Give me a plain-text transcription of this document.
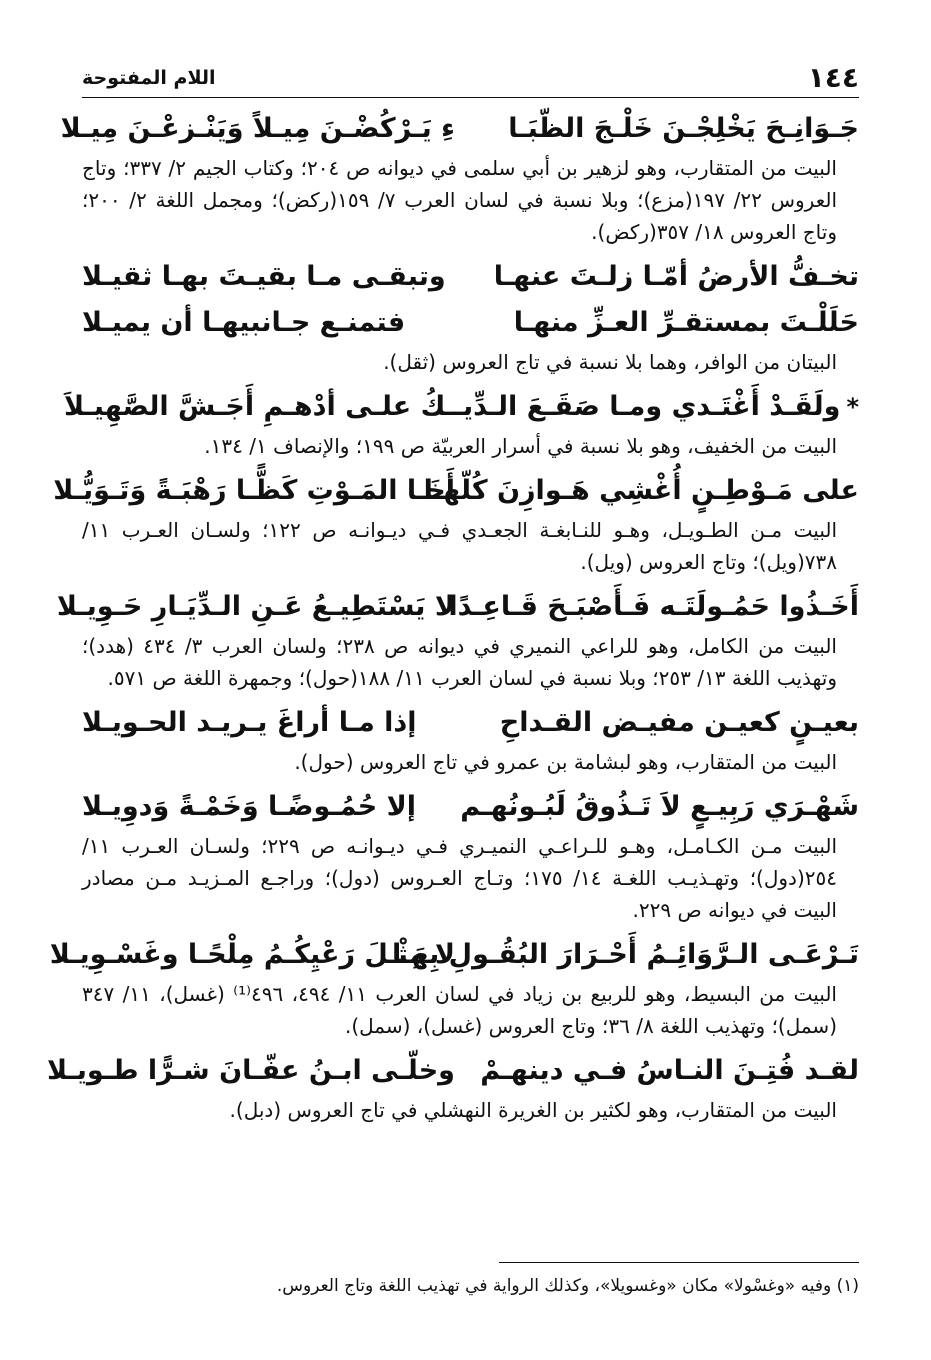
١٤٤
اللام المفتوحة
جَـوَانِـحَ يَخْلِجْـنَ خَلْـجَ الظّبَـا
ءِ يَـرْكُضْـنَ مِيـلاً وَيَنْـزعْـنَ مِيـلا

البيت من المتقارب، وهو لزهير بن أبي سلمى في ديوانه ص ٢٠٤؛ وكتاب الجيم ٢/ ٣٣٧؛ وتاج العروس ٢٢/ ١٩٧(مزع)؛ وبلا نسبة في لسان العرب ٧/ ١٥٩(ركض)؛ ومجمل اللغة ٢/ ٢٠٠؛ وتاج العروس ١٨/ ٣٥٧(ركض).

تخـفُّ الأرضُ أمّـا زلـتَ عنهـا
وتبقـى مـا بقيـتَ بهـا ثقيـلا
حَلَلْـتَ بمستقـرِّ العـزِّ منهـا
فتمنـع جـانبيهـا أن يميـلا

البيتان من الوافر، وهما بلا نسبة في تاج العروس (ثقل).

*ولَقَـدْ أَغْتَـدي ومـا صَقَـعَ الـدِّيـ
ـكُ علـى أدْهـمِ أَجَـشَّ الصَّهِيـلاَ

البيت من الخفيف، وهو بلا نسبة في أسرار العربيّة ص ١٩٩؛ والإنصاف ١/ ١٣٤.

على مَـوْطِـنٍ أُغْشِي هَـوازِنَ كُلّهـا
أَخَـا المَـوْتِ كَظًّـا رَهْبَـةً وَتَـوَيُّـلا

البيت مـن الطـويـل، وهـو للنـابغـة الجعـدي فـي ديـوانـه ص ١٢٢؛ ولسـان العـرب ١١/ ٧٣٨(ويل)؛ وتاج العروس (ويل).

أَخَـذُوا حَمُـولَتَـه فَـأَصْبَـحَ قَـاعِـدًا
لا يَسْتَطِيـعُ عَـنِ الـدِّيَـارِ حَـوِيـلا

البيت من الكامل، وهو للراعي النميري في ديوانه ص ٢٣٨؛ ولسان العرب ٣/ ٤٣٤ (هدد)؛ وتهذيب اللغة ١٣/ ٢٥٣؛ وبلا نسبة في لسان العرب ١١/ ١٨٨(حول)؛ وجمهرة اللغة ص ٥٧١.

بعيـنٍ كعيـن مفيـض القـداحِ
إذا مـا أراغَ يـريـد الحـويـلا

البيت من المتقارب، وهو لبشامة بن عمرو في تاج العروس (حول).

شَهْـرَي رَبِيـعٍ لاَ تَـذُوقُ لَبُـونُهـم
إلا حُمُـوضًـا وَخَمْـةً وَدوِيـلا

البيت مـن الكـامـل، وهـو للـراعـي النميـري فـي ديـوانـه ص ٢٢٩؛ ولسـان العـرب ١١/ ٢٥٤(دول)؛ وتهـذيـب اللغـة ١٤/ ١٧٥؛ وتـاج العـروس (دول)؛ وراجـع المـزيـد مـن مصادر البيت في ديوانه ص ٢٢٩.

تَـرْعَـى الـرَّوَائِـمُ أَحْـرَارَ البُقُـولِ بِهَـا
لا مِثْـلَ رَعْيِكُـمُ مِلْحًـا وغَسْـوِيـلا

البيت من البسيط، وهو للربيع بن زياد في لسان العرب ١١/ ٤٩٤، ٤٩٦⁽¹⁾ (غسل)، ١١/ ٣٤٧ (سمل)؛ وتهذيب اللغة ٨/ ٣٦؛ وتاج العروس (غسل)، (سمل).

لقـد فُتِـنَ النـاسُ فـي دينهـمْ
وخلّـى ابـنُ عفّـانَ شـرًّا طـويـلا

البيت من المتقارب، وهو لكثير بن الغريرة النهشلي في تاج العروس (دبل).

(١) وفيه «وغسْولا» مكان «وغسويلا»، وكذلك الرواية في تهذيب اللغة وتاج العروس.
